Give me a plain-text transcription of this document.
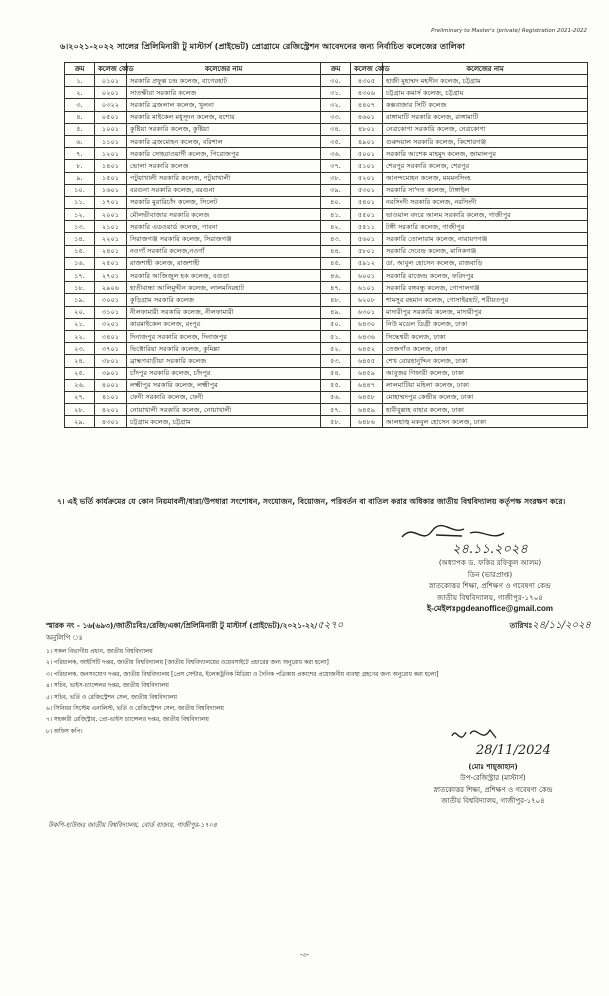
Preliminary to Master's (private) Registration 2021-2022
৬।২০২১-২০২২ সালের প্রিলিমিনারী টু মাস্টার্স (প্রাইভেট) প্রোগ্রামে রেজিস্ট্রেশন আবেদনের জন্য নির্বাচিত কলেজের তালিকা
ক্রম	কলেজ কোড	কলেজের নাম	ক্রম	কলেজ কোড	কলেজের নাম
১.	০১০১	সরকারি প্রফুল্ল চন্দ্র কলেজ, বাগেরহাট	৩০.	৪৩০৫	হাজী মুহাম্মদ মহসীন কলেজ, চট্টগ্রাম
২.	০২০১	সাতক্ষীরা সরকারি কলেজ	৩১.	৪৩০৬	চট্টগ্রাম কমার্স কলেজ, চট্টগ্রাম
৩.	০৩২২	সরকারি ব্রজলাল কলেজ, খুলনা	৩২.	৪৪০৭	কক্সবাজার সিটি কলেজ
৪.	০৫০১	সরকারি মাইকেল মধুসূদন কলেজ, যশোর	৩৩.	৪৬০১	রাঙ্গামাটি সরকারি কলেজ, রাঙ্গামাটি
৫.	১০০১	কুষ্টিয়া সরকারি কলেজ, কুষ্টিয়া	৩৪.	৪৮০১	নেত্রকোণা সরকারি কলেজ, নেত্রকোণা
৬.	১১০১	সরকারি ব্রজমোহন কলেজ, বরিশাল	৩৫.	৪৯০১	গুরুদয়াল সরকারি কলেজ, কিশোরগঞ্জ
৭.	১২০১	সরকারি সোহরাওয়ার্দী কলেজ, পিরোজপুর	৩৬.	৫০০১	সরকারি আশেক মাহমুদ কলেজ, জামালপুর
৮.	১৪০১	ভোলা সরকারি কলেজ	৩৭.	৫১০১	শেরপুর সরকারি কলেজ, শেরপুর
৯.	১৫০১	পটুয়াখালী সরকারি কলেজ, পটুয়াখালী	৩৮.	৫২০১	আনন্দমোহন কলেজ, ময়মনসিংহ
১০.	১৬০১	বরগুনা সরকারি কলেজ, বরগুনা	৩৯.	৫৩০১	সরকারি সা'দত কলেজ, টাঙ্গাইল
১১.	১৭০১	সরকারি মুরারিচাঁদ কলেজ, সিলেট	৪০.	৫৪০১	নরসিংদী সরকারি কলেজ, নরসিংদী
১২.	২০০১	মৌলভীবাজার সরকারি কলেজ	৪১.	৫৫০১	ভাওয়াল বদরে আলম সরকারি কলেজ, গাজীপুর
১৩.	২১০১	সরকারি এডওয়ার্ড কলেজ, পাবনা	৪২.	৫৫১১	টঙ্গী সরকারি কলেজ, গাজীপুর
১৪.	২২০১	সিরাজগঞ্জ সরকারি কলেজ, সিরাজগঞ্জ	৪৩.	৫৬০১	সরকারি তোলারাম কলেজ, নারায়ণগঞ্জ
১৫.	২৪০১	নওগাঁ সরকারি কলেজ,নওগাঁ	৪৪.	৫৮০১	সরকারি দেবেন্দ্র কলেজ, মানিকগঞ্জ
১৬.	২৫০১	রাজশাহী কলেজ, রাজশাহী	৪৫.	৫৯১২	ডা. আবুল হোসেন কলেজ, রাজবাড়ি
১৭.	২৭০১	সরকারি আজিজুল হক কলেজ, বগুড়া	৪৬.	৬০০১	সরকারি রাজেন্দ্র কলেজ, ফরিদপুর
১৮.	২৯০৬	হাতীবান্ধা আলিমুদ্দীন কলেজ, লালমনিরহাট	৪৭.	৬১০১	সরকারি বঙ্গবন্ধু কলেজ, গোপালগঞ্জ
১৯.	৩০০১	কুড়িগ্রাম সরকারি কলেজ	৪৮.	৬২০৮	শামসুর রহমান কলেজ, গোসাইরহাট, শরীয়তপুর
২০.	৩১০১	নীলফামারী সরকারি কলেজ, নীলফামারী	৪৯.	৬৩০১	মাদারীপুর সরকারি কলেজ, মাদারীপুর
২১.	৩২০১	কারমাইকেল কলেজ, রংপুর	৫০.	৬৪৩০	নিউ মডেল ডিগ্রী কলেজ, ঢাকা
২২.	৩৪০১	দিনাজপুর সরকারি কলেজ, দিনাজপুর	৫১.	৬৪৩৬	সিদ্ধেশ্বরী কলেজ, ঢাকা
২৩.	৩৭০১	ভিক্টোরিয়া সরকারি কলেজ, কুমিল্লা	৫২.	৬৪৫২	তেজগাঁও কলেজ, ঢাকা
২৪.	৩৮০১	ব্রাহ্মণবাড়ীয়া সরকারি কলেজ	৫৩.	৬৪৫৫	শেখ বোরহানুদ্দিন কলেজ, ঢাকা
২৫.	৩৯০১	চাঁদপুর সরকারি কলেজ, চাঁদপুর	৫৪.	৬৪৫৯	আবুজর গিফারী কলেজ, ঢাকা
২৬.	৪০০১	লক্ষ্মীপুর সরকারি কলেজ, লক্ষ্মীপুর	৫৫.	৬৪৪৭	লালমাটিয়া মহিলা কলেজ, ঢাকা
২৭.	৪১০১	ফেনী সরকারি কলেজ, ফেনী	৫৬.	৬৪৫৮	মোহাম্মদপুর কেন্দ্রীয় কলেজ, ঢাকা
২৮.	৪২০১	নোয়াখালী সরকারি কলেজ, নোয়াখালী	৫৭.	৬৪৫৯	হাবীবুল্লাহ বাহার কলেজ, ঢাকা
২৯.	৪৩০১	চট্টগ্রাম কলেজ, চট্টগ্রাম	৫৮.	৬৪৮৬	আলহাজ্ব মকবুল হোসেন কলেজ, ঢাকা
৭। এই ভর্তি কার্যক্রমের যে কোন নিয়মাবলী/ধারা/উপধারা সংশোধন, সংযোজন, বিয়োজন, পরিবর্তন বা বাতিল করার অধিকার জাতীয় বিশ্ববিদ্যালয় কর্তৃপক্ষ সংরক্ষণ করে।
২৪.১১.২০২৪
(অধ্যাপক ড. ফকির রফিকুল আলম)
ডিন (ভারপ্রাপ্ত)
স্নাতকোত্তর শিক্ষা, প্রশিক্ষণ ও গবেষণা কেন্দ্র
জাতীয় বিশ্ববিদ্যালয়, গাজীপুর-১৭০৪
ই-মেইলঃpgdeanoffice@gmail.com
স্মারক নং - ১৬(৬৯৩)/জাতীঃবিঃ/রেজি/একা/প্রিলিমিনারী টু মাস্টার্স (প্রাইভেট)/২০২১-২২/৫২৭০	তারিখঃ২৪/১১/২০২৪
অনুলিপি ঃ
১। সকল বিভাগীয় প্রধান, জাতীয় বিশ্ববিদ্যালয়
২। পরিচালক, আইসিটি দপ্তর, জাতীয় বিশ্ববিদ্যালয় [জাতীয় বিশ্ববিদ্যালয়ের ওয়েবসাইটে প্রচারের জন্য অনুরোধ করা হলো]
৩। পরিচালক, জনসংযোগ দপ্তর, জাতীয় বিশ্ববিদ্যালয় [প্রেস সেন্টার, ইলেকট্রনিক মিডিয়া ও দৈনিক পত্রিকায় প্রকাশের প্রয়োজনীয় ব্যবস্থা গ্রহণের জন্য অনুরোধ করা হলো]
৪। সচিব, ভাইস-চ্যান্সেলর দপ্তর, জাতীয় বিশ্ববিদ্যালয়
৫। সচিব, ভর্তি ও রেজিস্ট্রেশন সেল, জাতীয় বিশ্ববিদ্যালয়
৬। সিনিয়র সিস্টেম এনালিস্ট, ভর্তি ও রেজিস্ট্রেশন সেল, জাতীয় বিশ্ববিদ্যালয়
৭। সহকারী রেজিস্ট্রার, প্রো-ভাইস চ্যান্সেলর দপ্তর, জাতীয় বিশ্ববিদ্যালয়
৮। অফিস কপি।
28/11/2024
(মোঃ শাহ্‌জাহান)
উপ-রেজিস্ট্রার (মাস্টার্স)
স্নাতকোত্তর শিক্ষা, প্রশিক্ষণ ও গবেষণা কেন্দ্র
জাতীয় বিশ্ববিদ্যালয়, গাজীপুর-১৭০৪
উকপি-হাউজঃ জাতীয় বিশ্ববিদ্যালয়, বোর্ড বাজার, গাজীপুর-১৭০৪
-৩-
